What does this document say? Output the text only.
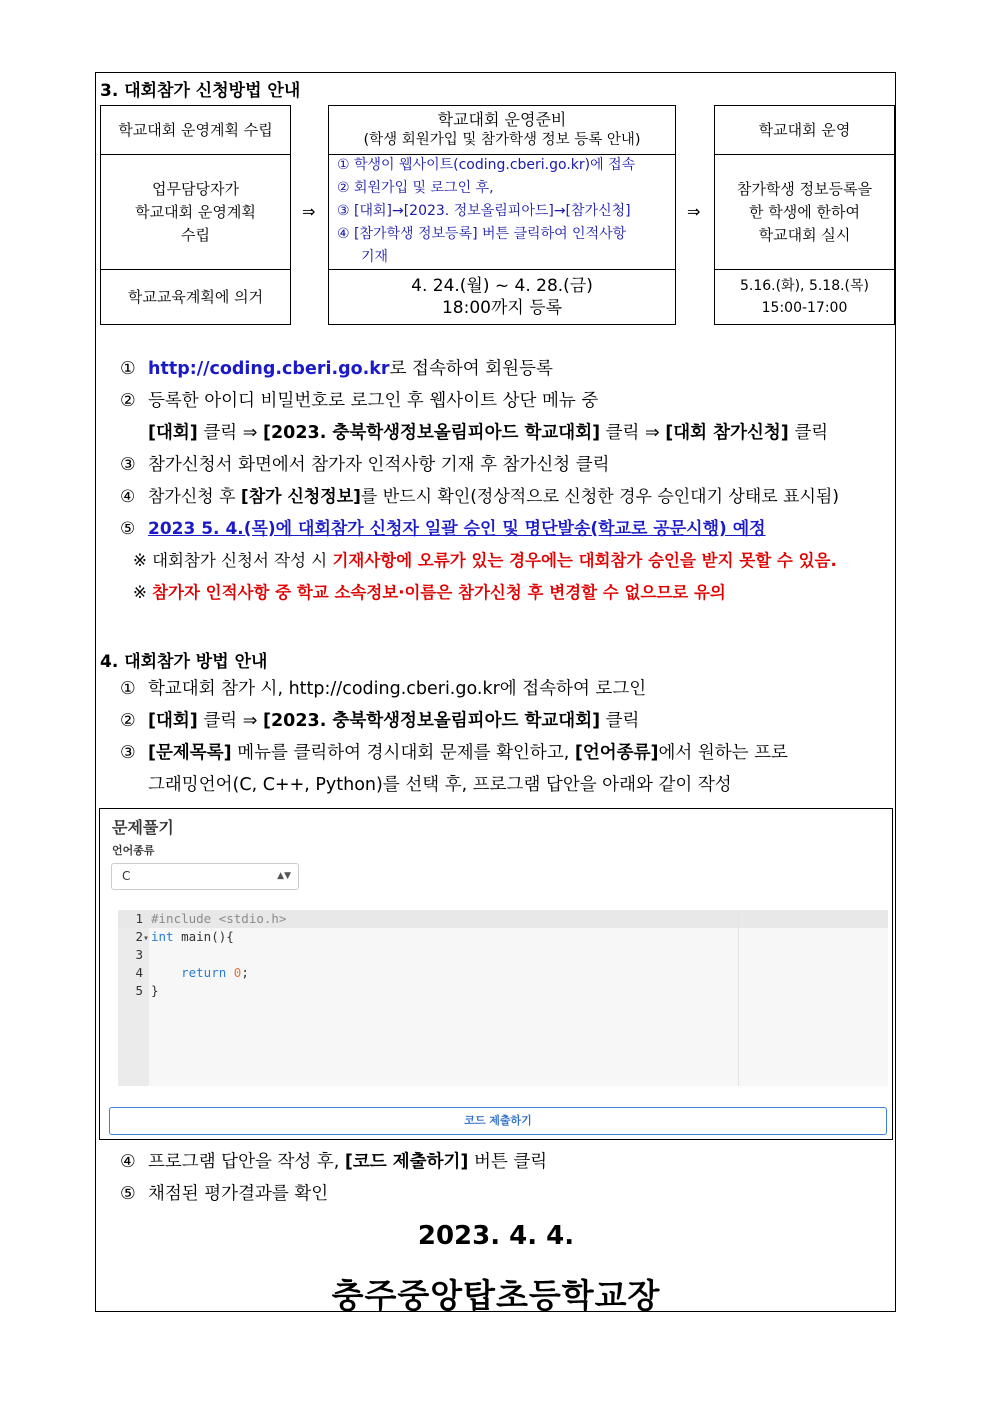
3. 대회참가 신청방법 안내
학교대회 운영계획 수립
업무담당자가
학교대회 운영계획
수립
학교교육계획에 의거
⇒
학교대회 운영준비
(학생 회원가입 및 참가학생 정보 등록 안내)
① 학생이 웹사이트(coding.cberi.go.kr)에 접속
② 회원가입 및 로그인 후,
③ [대회]→[2023. 정보올림피아드]→[참가신청]
④ [참가학생 정보등록] 버튼 클릭하여 인적사항
기재
4. 24.(월) ~ 4. 28.(금)
18:00까지 등록
⇒
학교대회 운영
참가학생 정보등록을
한 학생에 한하여
학교대회 실시
5.16.(화), 5.18.(목)
15:00-17:00
① http://coding.cberi.go.kr로 접속하여 회원등록
② 등록한 아이디 비밀번호로 로그인 후 웹사이트 상단 메뉴 중
[대회] 클릭 ⇒ [2023. 충북학생정보올림피아드 학교대회] 클릭 ⇒ [대회 참가신청] 클릭
③ 참가신청서 화면에서 참가자 인적사항 기재 후 참가신청 클릭
④ 참가신청 후 [참가 신청정보]를 반드시 확인(정상적으로 신청한 경우 승인대기 상태로 표시됨)
⑤ 2023 5. 4.(목)에 대회참가 신청자 일괄 승인 및 명단발송(학교로 공문시행) 예정
※ 대회참가 신청서 작성 시 기재사항에 오류가 있는 경우에는 대회참가 승인을 받지 못할 수 있음.
※ 참가자 인적사항 중 학교 소속정보·이름은 참가신청 후 변경할 수 없으므로 유의
4. 대회참가 방법 안내
① 학교대회 참가 시, http://coding.cberi.go.kr에 접속하여 로그인
② [대회] 클릭 ⇒ [2023. 충북학생정보올림피아드 학교대회] 클릭
③ [문제목록] 메뉴를 클릭하여 경시대회 문제를 확인하고, [언어종류]에서 원하는 프로
그래밍언어(C, C++, Python)를 선택 후, 프로그램 답안을 아래와 같이 작성
문제풀기
언어종류
C	▲▼
1 #include <stdio.h>
2▾ int main(){
3
4	return 0;
5 }
코드 제출하기
④ 프로그램 답안을 작성 후, [코드 제출하기] 버튼 클릭
⑤ 채점된 평가결과를 확인
2023. 4. 4.
충주중앙탑초등학교장
